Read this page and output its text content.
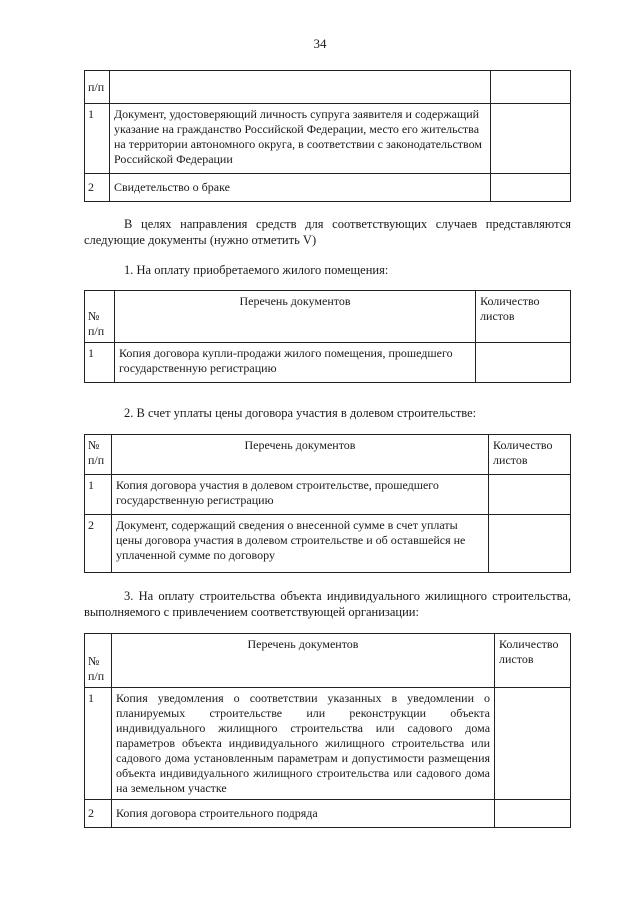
34
п/п		
1	Документ, удостоверяющий личность супруга заявителя и содержащий указание на гражданство Российской Федерации, место его жительства на территории автономного округа, в соответствии с законодательством Российской Федерации	
2	Свидетельство о браке	
В целях направления средств для соответствующих случаев представляются следующие документы (нужно отметить V)
1. На оплату приобретаемого жилого помещения:
№ п/п	Перечень документов	Количество листов
1	Копия договора купли-продажи жилого помещения, прошедшего государственную регистрацию	
2. В счет уплаты цены договора участия в долевом строительстве:
№ п/п	Перечень документов	Количество листов
1	Копия договора участия в долевом строительстве, прошедшего государственную регистрацию	
2	Документ, содержащий сведения о внесенной сумме в счет уплаты цены договора участия в долевом строительстве и об оставшейся не уплаченной сумме по договору	
3. На оплату строительства объекта индивидуального жилищного строительства, выполняемого с привлечением соответствующей организации:
№ п/п	Перечень документов	Количество листов
1	Копия уведомления о соответствии указанных в уведомлении о планируемых строительстве или реконструкции объекта индивидуального жилищного строительства или садового дома параметров объекта индивидуального жилищного строительства или садового дома установленным параметрам и допустимости размещения объекта индивидуального жилищного строительства или садового дома на земельном участке	
2	Копия договора строительного подряда	
